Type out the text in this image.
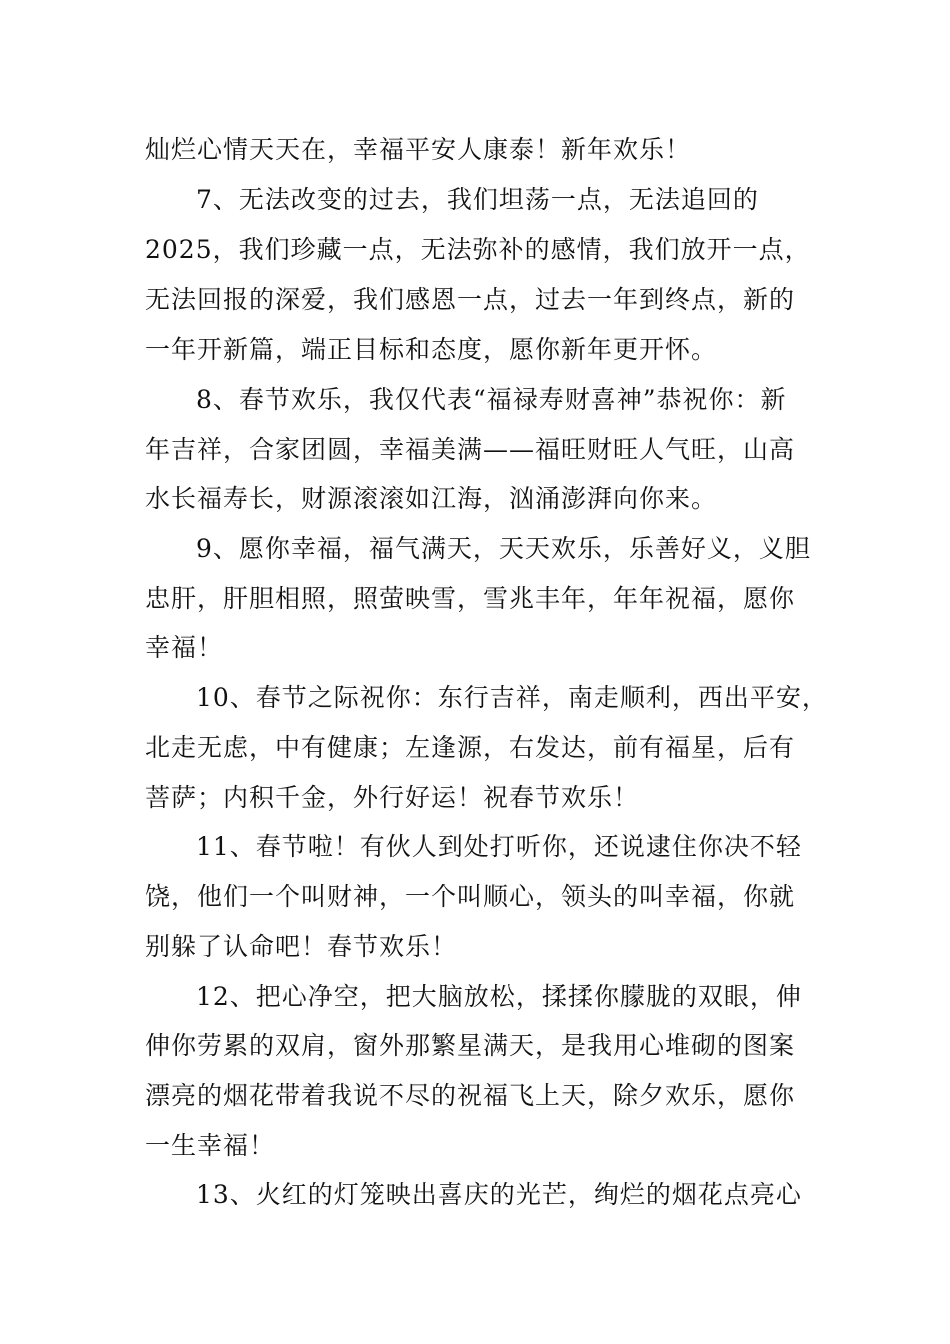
灿烂心情天天在，幸福平安人康泰！新年欢乐！
7、无法改变的过去，我们坦荡一点，无法追回的
2025，我们珍藏一点，无法弥补的感情，我们放开一点，
无法回报的深爱，我们感恩一点，过去一年到终点，新的
一年开新篇，端正目标和态度，愿你新年更开怀。
8、春节欢乐，我仅代表“福禄寿财喜神”恭祝你：新
年吉祥，合家团圆，幸福美满——福旺财旺人气旺，山高
水长福寿长，财源滚滚如江海，汹涌澎湃向你来。
9、愿你幸福，福气满天，天天欢乐，乐善好义，义胆
忠肝，肝胆相照，照萤映雪，雪兆丰年，年年祝福，愿你
幸福！
10、春节之际祝你：东行吉祥，南走顺利，西出平安，
北走无虑，中有健康；左逢源，右发达，前有福星，后有
菩萨；内积千金，外行好运！祝春节欢乐！
11、春节啦！有伙人到处打听你，还说逮住你决不轻
饶，他们一个叫财神，一个叫顺心，领头的叫幸福，你就
别躲了认命吧！春节欢乐！
12、把心净空，把大脑放松，揉揉你朦胧的双眼，伸
伸你劳累的双肩，窗外那繁星满天，是我用心堆砌的图案
漂亮的烟花带着我说不尽的祝福飞上天，除夕欢乐，愿你
一生幸福！
13、火红的灯笼映出喜庆的光芒，绚烂的烟花点亮心
